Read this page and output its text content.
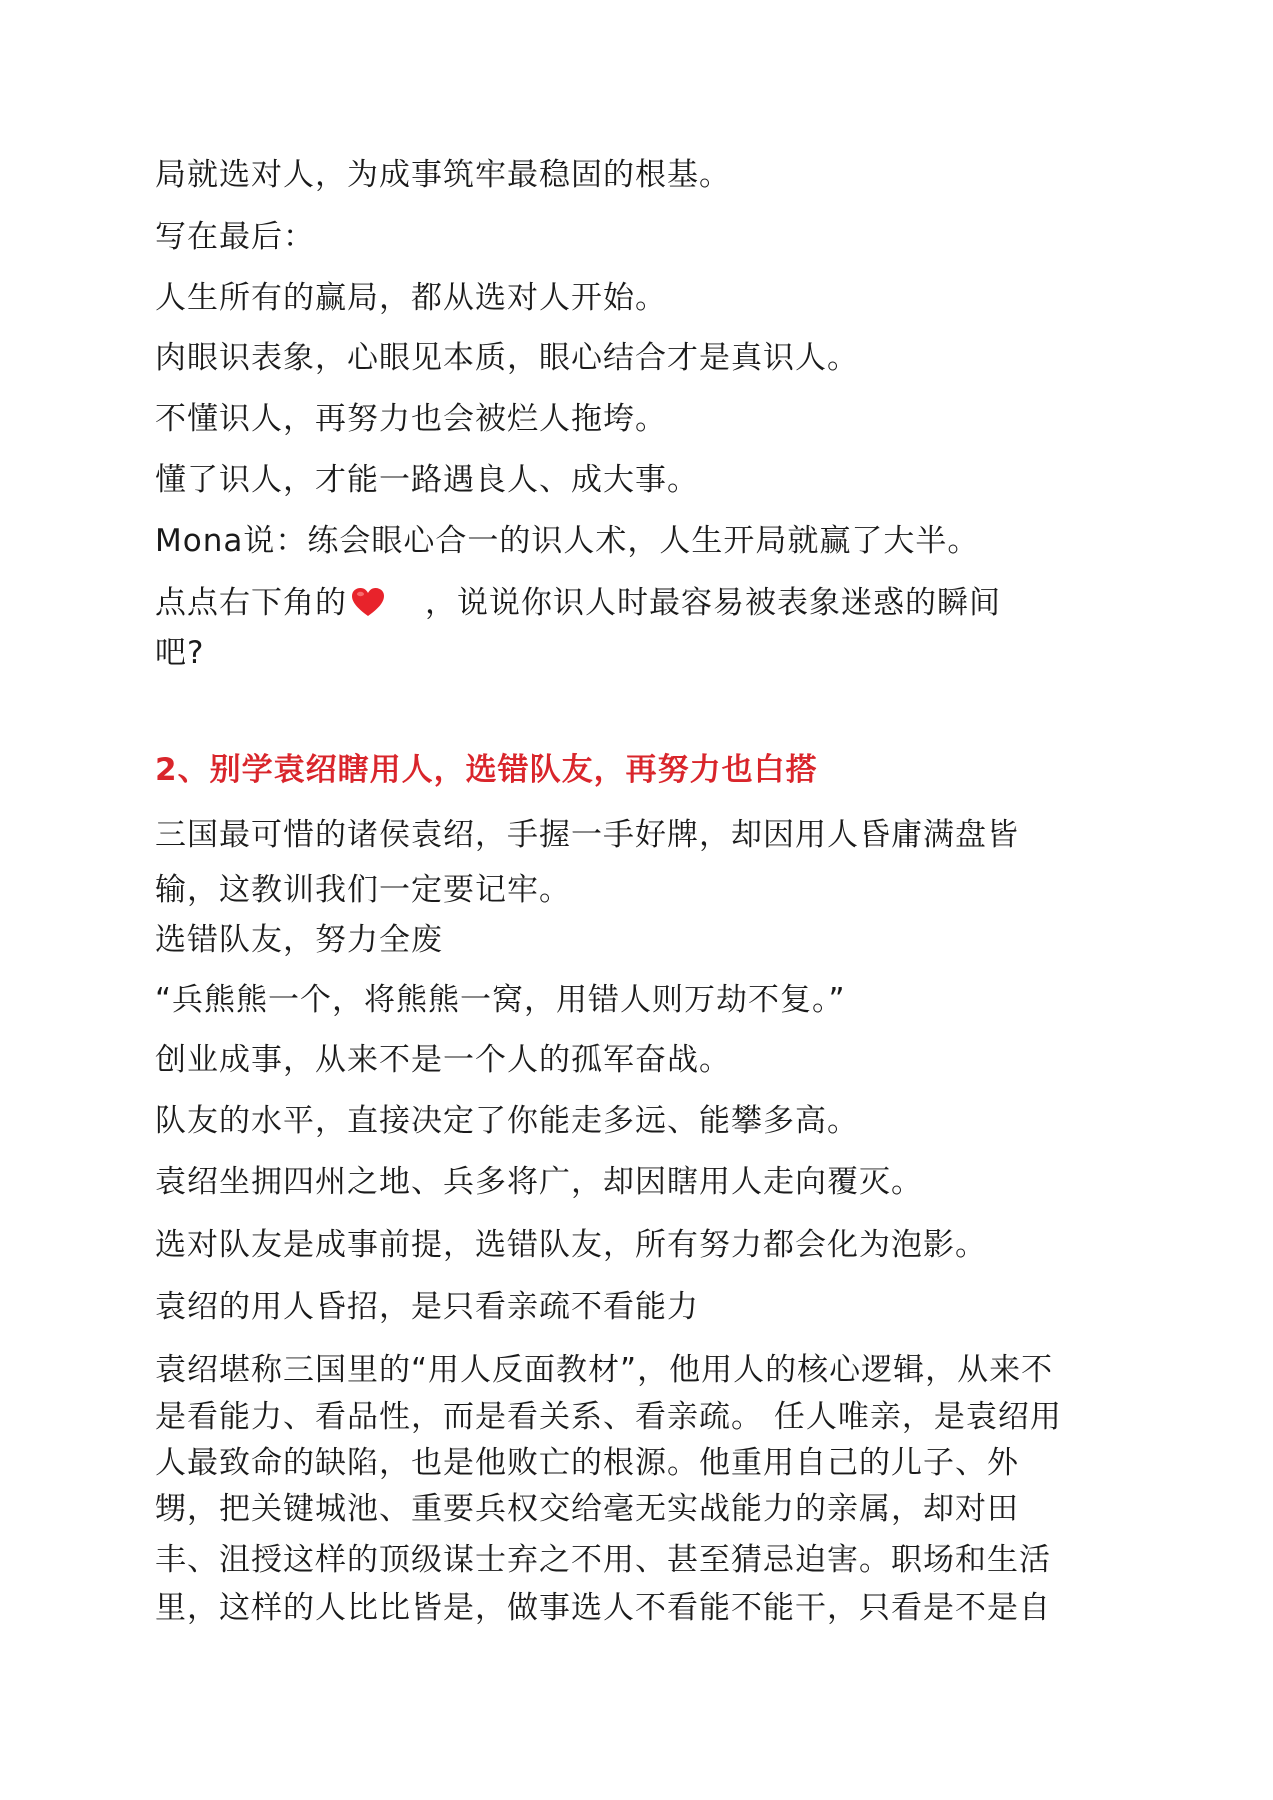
局就选对人，为成事筑牢最稳固的根基。
写在最后：
人生所有的赢局，都从选对人开始。
肉眼识表象，心眼见本质，眼心结合才是真识人。
不懂识人，再努力也会被烂人拖垮。
懂了识人，才能一路遇良人、成大事。
Mona说：练会眼心合一的识人术，人生开局就赢了大半。
点点右下角的	，说说你识人时最容易被表象迷惑的瞬间
吧?
2、别学袁绍瞎用人，选错队友，再努力也白搭
三国最可惜的诸侯袁绍，手握一手好牌，却因用人昏庸满盘皆
输，这教训我们一定要记牢。
选错队友，努力全废
“兵熊熊一个，将熊熊一窝，用错人则万劫不复。”
创业成事，从来不是一个人的孤军奋战。
队友的水平，直接决定了你能走多远、能攀多高。
袁绍坐拥四州之地、兵多将广，却因瞎用人走向覆灭。
选对队友是成事前提，选错队友，所有努力都会化为泡影。
袁绍的用人昏招，是只看亲疏不看能力
袁绍堪称三国里的“用人反面教材”，他用人的核心逻辑，从来不
是看能力、看品性，而是看关系、看亲疏。 任人唯亲，是袁绍用
人最致命的缺陷，也是他败亡的根源。他重用自己的儿子、外
甥，把关键城池、重要兵权交给毫无实战能力的亲属，却对田
丰、沮授这样的顶级谋士弃之不用、甚至猜忌迫害。职场和生活
里，这样的人比比皆是，做事选人不看能不能干，只看是不是自
